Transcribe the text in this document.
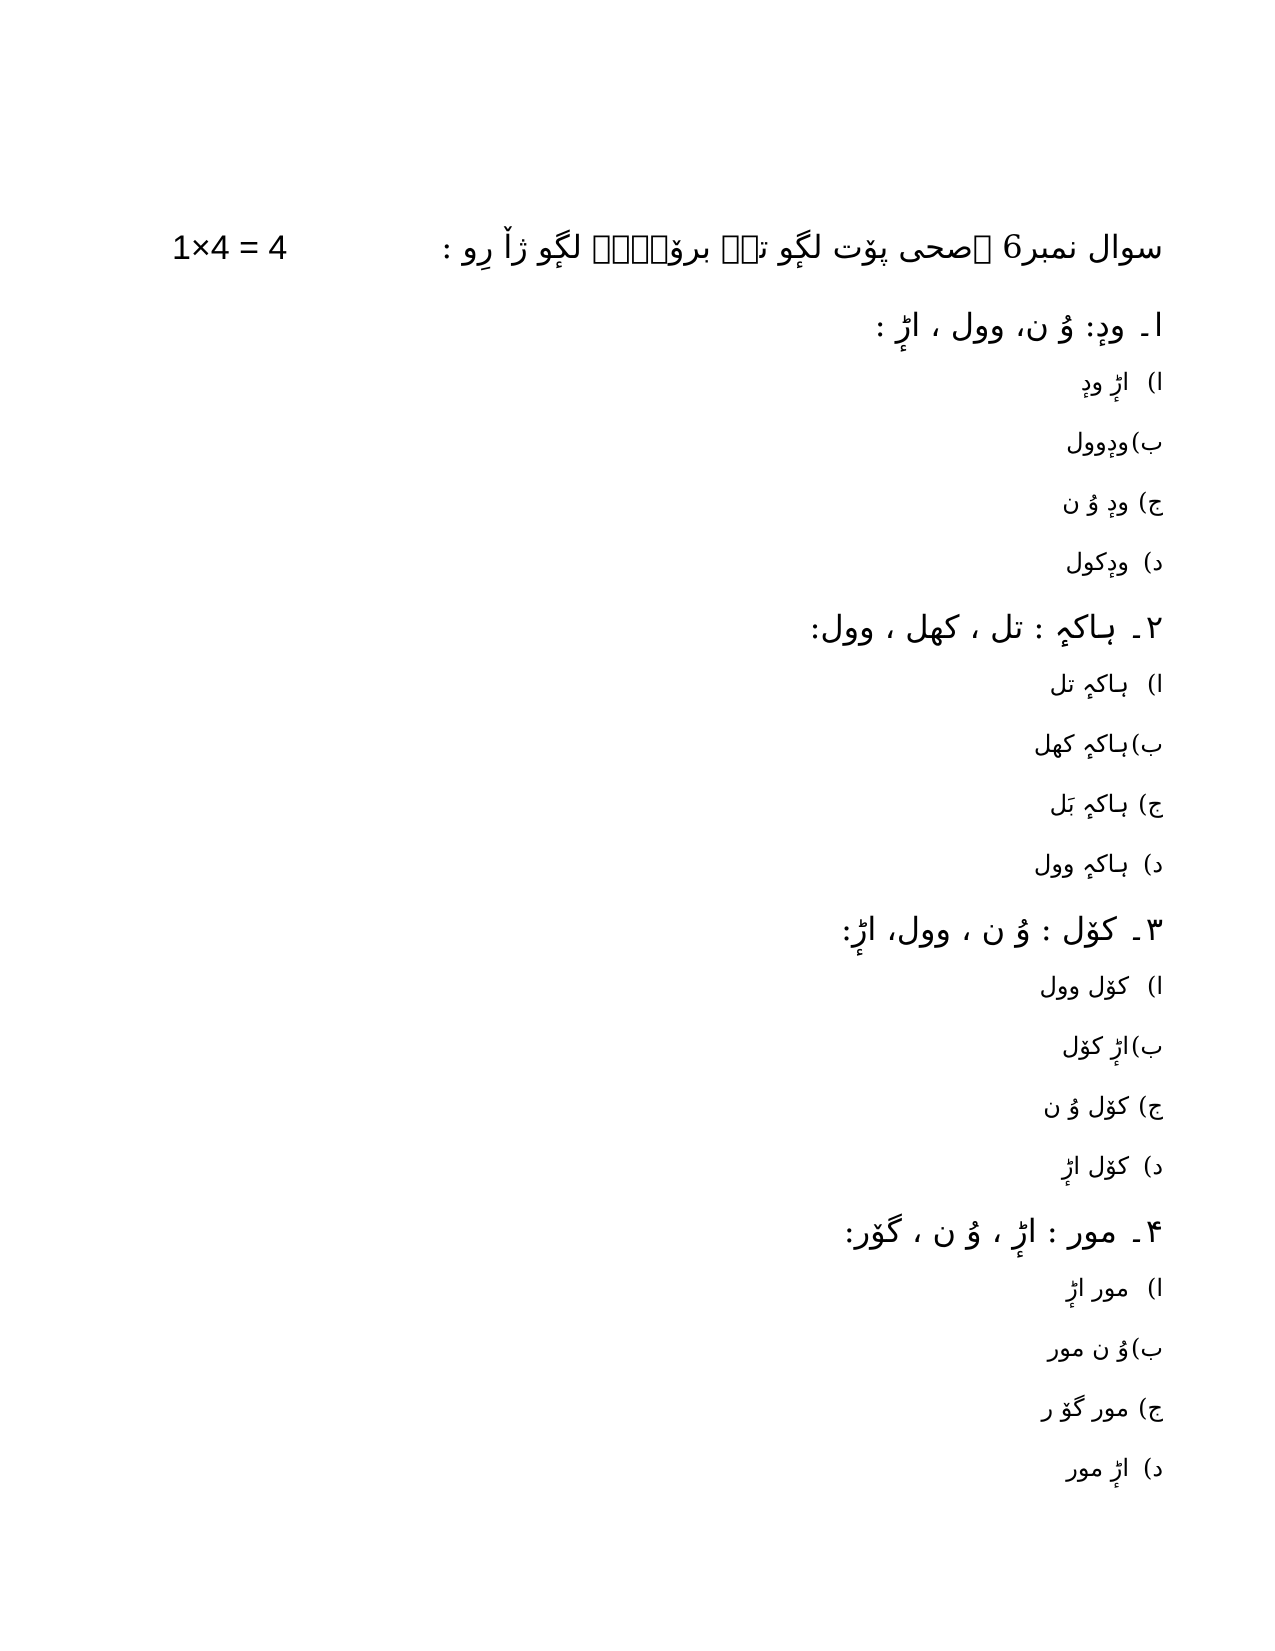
1×4 = 4	سوال نمبر6 ۔صحی پوٚت لگٕو تہٕ بروٚنٛہہ لگٕو ژاٚ رِو :
ا۔ ودٕ: وُ ن، وول ، اڑٕ :
ا)
اڑٕ ودٕ
ب)
ودٕوول
ج)
ودٕ وُ ن
د)
ودٕکول
۲۔ ہاکہٕ : تل ، کھل ، وول:
ا)
ہاکہٕ تل
ب)
ہاکہٕ کھل
ج)
ہاکہٕ بَل
د)
ہاکہٕ وول
۳۔ کوٚل : وُ ن ، وول، اڑٕ:
ا)
کوٚل وول
ب)
اڑٕ کوٚل
ج)
کوٚل وُ ن
د)
کوٚل اڑٕ
۴۔ مور : اڑٕ ، وُ ن ، گوٚر:
ا)
مور اڑٕ
ب)
وُ ن مور
ج)
مور گوٚ ر
د)
اڑٕ مور
